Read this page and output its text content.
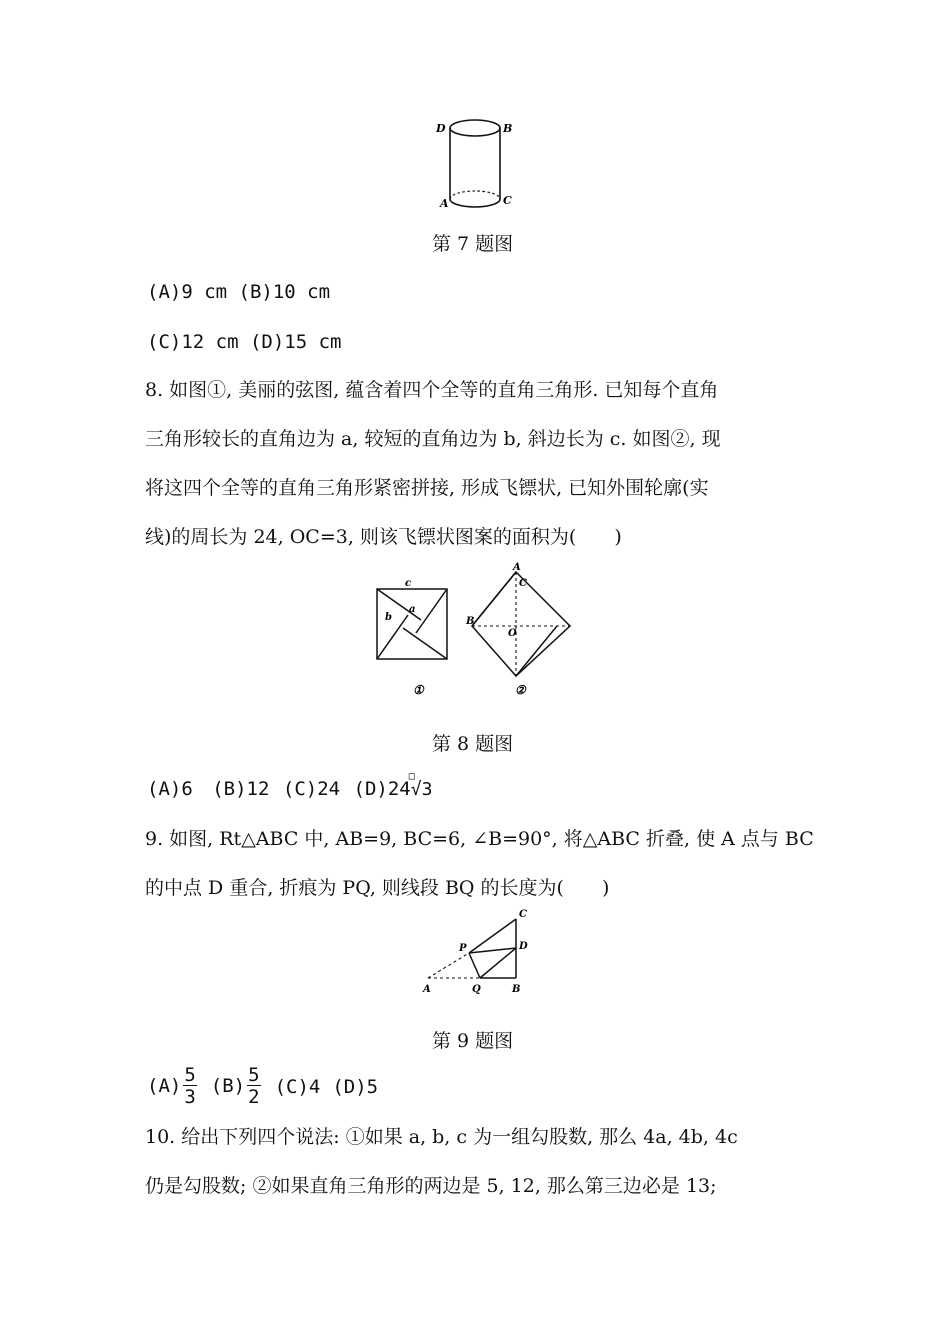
D	B
A	C
第 7 题图
(A)9 cm (B)10 cm
(C)12 cm (D)15 cm
8. 如图①, 美丽的弦图, 蕴含着四个全等的直角三角形. 已知每个直角
三角形较长的直角边为 a, 较短的直角边为 b, 斜边长为 c. 如图②, 现
将这四个全等的直角三角形紧密拼接, 形成飞镖状, 已知外围轮廓(实
线)的周长为 24, OC=3, 则该飞镖状图案的面积为(　　)
c
a
b
A
C
B
O
①	②
第 8 题图
(A)6 (B)12 (C)24 (D)24
□
√3
9. 如图, Rt△ABC 中, AB=9, BC=6, ∠B=90°, 将△ABC 折叠, 使 A 点与 BC
的中点 D 重合, 折痕为 PQ, 则线段 BQ 的长度为(　　)
C
P	D
A	Q	B
第 9 题图
$(A) \frac{5}{3} (B) \frac{5}{2} (C)4$ (D)5
10. 给出下列四个说法: ①如果 a, b, c 为一组勾股数, 那么 4a, 4b, 4c
仍是勾股数; ②如果直角三角形的两边是 5, 12, 那么第三边必是 13;
